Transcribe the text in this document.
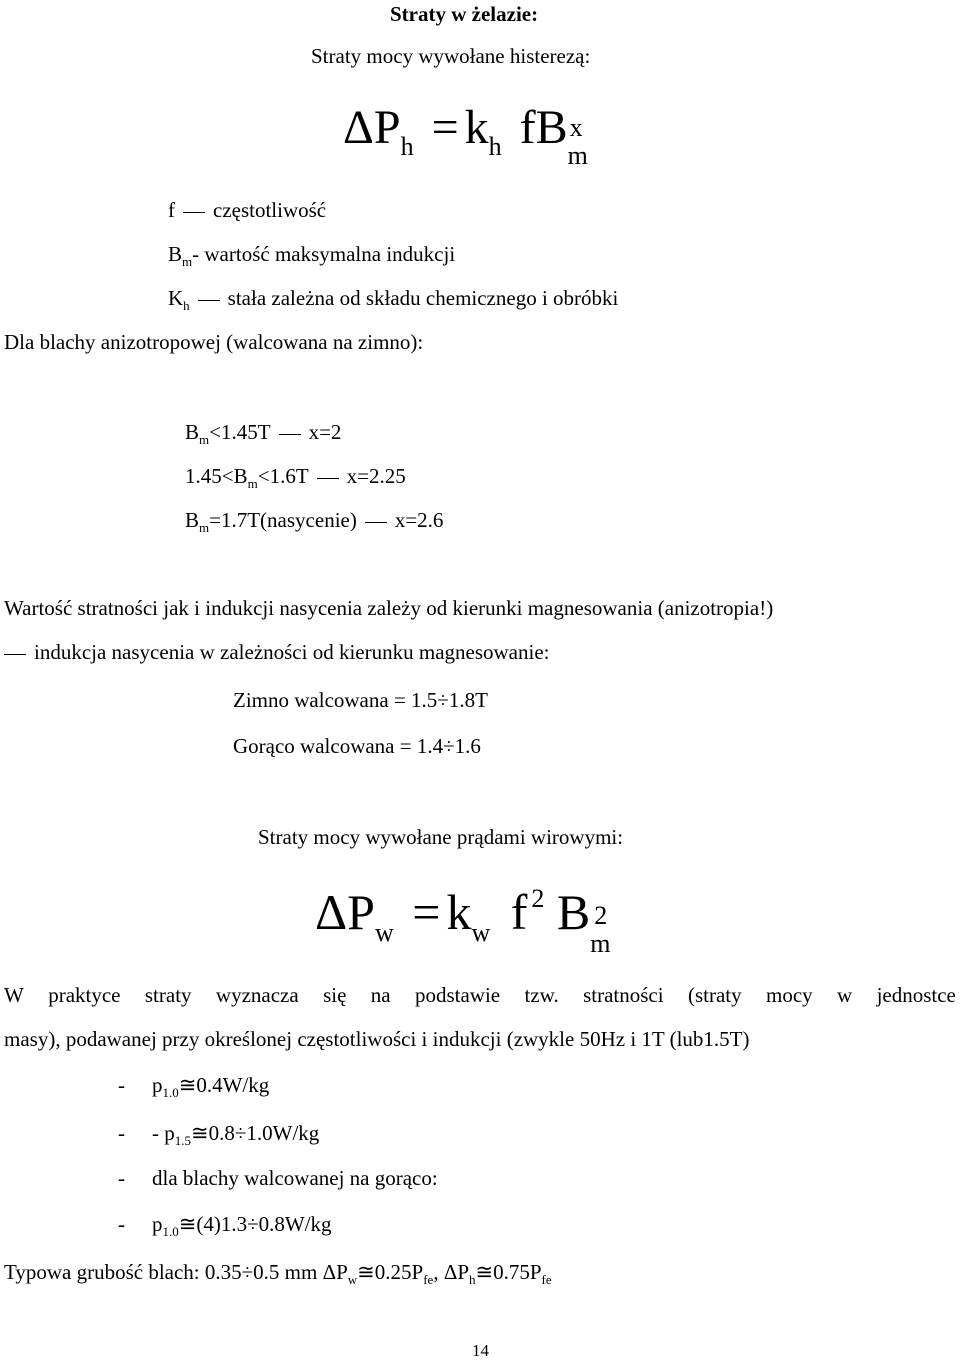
Straty w żelazie:
Straty mocy wywołane histerezą:
$\Delta P_h = k_h$ fB x
m
f częstotliwość
$B_m-$ wartość maksymalna indukcji
$K_h$ stała zależna od składu chemicznego i obróbki
Dla blachy anizotropowej (walcowana na zimno):
$B_m<1.45T$ x=2
$1.45<B_m<1.6T$ x=2.25
$B_m=1.7T(nasycenie)$ x=2.6
Wartość stratności jak i indukcji nasycenia zależy od kierunki magnesowania (anizotropia!)
indukcja nasycenia w zależności od kierunku magnesowanie:
Zimno walcowana = 1.5÷1.8T
Gorąco walcowana = 1.4÷1.6
Straty mocy wywołane prądami wirowymi:
$\Delta P_w = k_w$ f $^2$ B 2
m
W praktyce straty wyznacza się na podstawie tzw. stratności (straty mocy w jednostce
masy), podawanej przy określonej częstotliwości i indukcji (zwykle 50Hz i 1T (lub1.5T)
- $p_{1.0}≅0.4W/kg$
- - $p_{1.5}≅0.8\div 1.0W/kg$
- dla blachy walcowanej na gorąco:
- $p_{1.0}≅(4)1.3\div 0.8W/kg$
Typowa grubość blach: 0.35÷0.5 mm $\Delta P_w≅0.25P_{fe}$, $\Delta P_h≅0.75P_{fe}$
14
